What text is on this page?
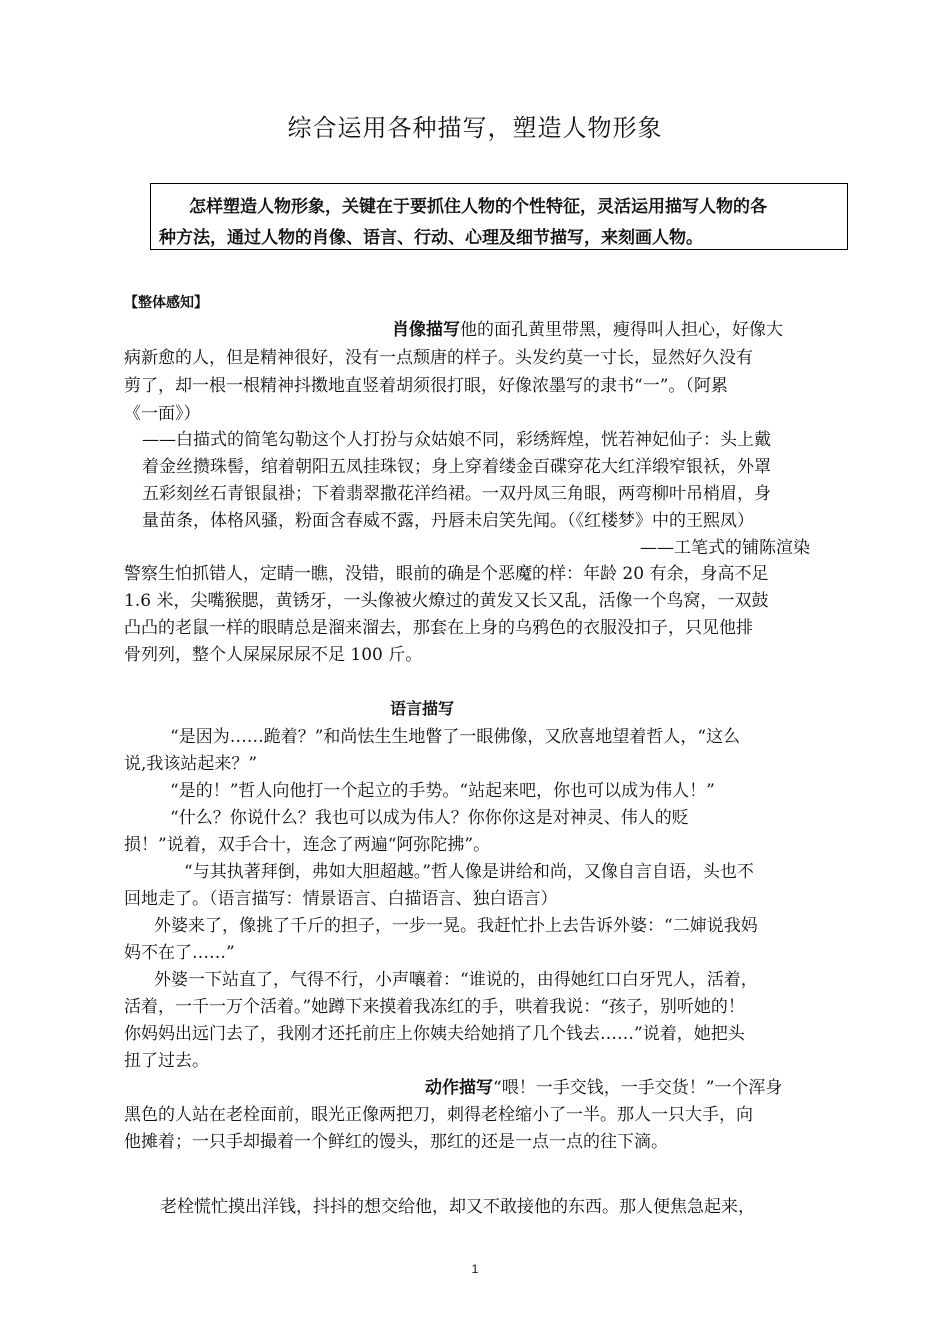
综合运用各种描写，塑造人物形象
怎样塑造人物形象，关键在于要抓住人物的个性特征，灵活运用描写人物的各
种方法，通过人物的肖像、语言、行动、心理及细节描写，来刻画人物。
【整体感知】
肖像描写他的面孔黄里带黑，瘦得叫人担心，好像大
病新愈的人，但是精神很好，没有一点颓唐的样子。头发约莫一寸长，显然好久没有
剪了，却一根一根精神抖擞地直竖着胡须很打眼，好像浓墨写的隶书“一”。（阿累
《一面》）
——白描式的简笔勾勒这个人打扮与众姑娘不同，彩绣辉煌，恍若神妃仙子：头上戴
着金丝攒珠髻，绾着朝阳五凤挂珠钗；身上穿着缕金百碟穿花大红洋缎窄银袄，外罩
五彩刻丝石青银鼠褂；下着翡翠撒花洋绉裙。一双丹凤三角眼，两弯柳叶吊梢眉，身
量苗条，体格风骚，粉面含春威不露，丹唇未启笑先闻。（《红楼梦》中的王熙凤）
——工笔式的铺陈渲染
警察生怕抓错人，定睛一瞧，没错，眼前的确是个恶魔的样：年龄 20 有余，身高不足
1.6 米，尖嘴猴腮，黄锈牙，一头像被火燎过的黄发又长又乱，活像一个鸟窝，一双鼓
凸凸的老鼠一样的眼睛总是溜来溜去，那套在上身的乌鸦色的衣服没扣子，只见他排
骨列列，整个人屎屎尿尿不足 100 斤。
语言描写
“是因为……跪着？”和尚怯生生地瞥了一眼佛像，又欣喜地望着哲人，“这么
说,我该站起来？”
“是的！”哲人向他打一个起立的手势。“站起来吧，你也可以成为伟人！”
“什么？你说什么？我也可以成为伟人？你你你这是对神灵、伟人的贬
损！”说着，双手合十，连念了两遍“阿弥陀拂”。
“与其执著拜倒，弗如大胆超越。”哲人像是讲给和尚，又像自言自语，头也不
回地走了。（语言描写：情景语言、白描语言、独白语言）
外婆来了，像挑了千斤的担子，一步一晃。我赶忙扑上去告诉外婆：“二婶说我妈
妈不在了……”
外婆一下站直了，气得不行，小声嚷着：“谁说的，由得她红口白牙咒人，活着，
活着，一千一万个活着。”她蹲下来摸着我冻红的手，哄着我说：“孩子，别听她的！
你妈妈出远门去了，我刚才还托前庄上你姨夫给她捎了几个钱去……”说着，她把头
扭了过去。
动作描写“喂！一手交钱，一手交货！”一个浑身
黑色的人站在老栓面前，眼光正像两把刀，刺得老栓缩小了一半。那人一只大手，向
他摊着；一只手却撮着一个鲜红的馒头，那红的还是一点一点的往下滴。
老栓慌忙摸出洋钱，抖抖的想交给他，却又不敢接他的东西。那人便焦急起来，
1
